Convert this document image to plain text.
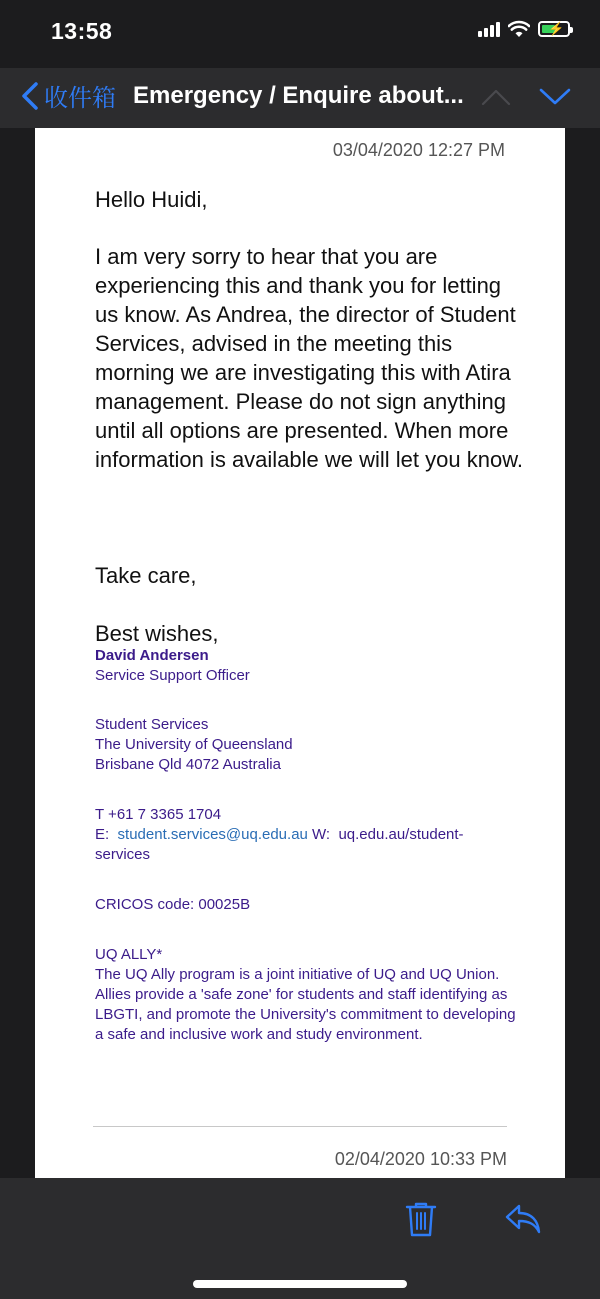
13:58	⚡
收件箱 Emergency / Enquire about...
03/04/2020 12:27 PM
Hello Huidi,
I am very sorry to hear that you are experiencing this and thank you for letting us know. As Andrea, the director of Student Services, advised in the meeting this morning we are investigating this with Atira management. Please do not sign anything until all options are presented. When more information is available we will let you know.
Take care,
Best wishes,
David Andersen
Service Support Officer
Student Services
The University of Queensland
Brisbane Qld 4072 Australia
T +61 7 3365 1704
E: student.services@uq.edu.au W: uq.edu.au/student-
services
CRICOS code: 00025B
UQ ALLY*
The UQ Ally program is a joint initiative of UQ and UQ Union. Allies provide a 'safe zone' for students and staff identifying as LBGTI, and promote the University's commitment to developing a safe and inclusive work and study environment.
02/04/2020 10:33 PM
